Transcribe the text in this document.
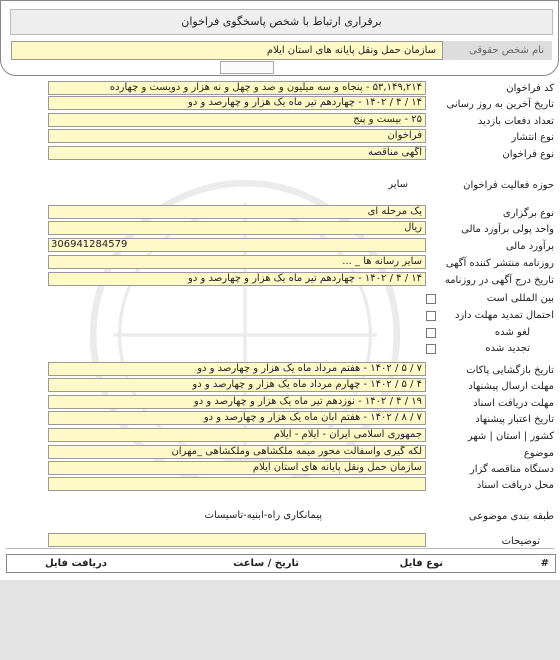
برقراری ارتباط با شخص پاسخگوی فراخوان
نام شخص حقوقی
سازمان حمل ونقل پایانه های استان ایلام
کد فراخوان
۵۳,۱۴۹,۲۱۴ - پنجاه و سه میلیون و صد و چهل و نه هزار و دویست و چهارده
تاریخ آخرین به روز رسانی
۱۴ / ۴ / ۱۴۰۲ - چهاردهم تیر ماه یک هزار و چهارصد و دو
تعداد دفعات بازدید
۲۵ - بیست و پنج
نوع انتشار
فراخوان
نوع فراخوان
آگهی مناقصه
حوزه فعالیت فراخوان
سایر
نوع برگزاری
یک مرحله ای
واحد پولی برآورد مالی
ریال
برآورد مالی
306941284579
روزنامه منتشر کننده آگهی
سایر رسانه ها _ ...
تاریخ درج آگهی در روزنامه
۱۴ / ۴ / ۱۴۰۲ - چهاردهم تیر ماه یک هزار و چهارصد و دو
بین المللی است
احتمال تمدید مهلت دارد
لغو شده
تجدید شده
تاریخ بازگشایی پاکات
۷ / ۵ / ۱۴۰۲ - هفتم مرداد ماه یک هزار و چهارصد و دو
مهلت ارسال پیشنهاد
۴ / ۵ / ۱۴۰۲ - چهارم مرداد ماه یک هزار و چهارصد و دو
مهلت دریافت اسناد
۱۹ / ۴ / ۱۴۰۲ - نوزدهم تیر ماه یک هزار و چهارصد و دو
تاریخ اعتبار پیشنهاد
۷ / ۸ / ۱۴۰۲ - هفتم آبان ماه یک هزار و چهارصد و دو
کشور | استان | شهر
جمهوری اسلامی ایران - ایلام - ایلام
موضوع
لکه گیری واسفالت محور میمه ملکشاهی وملکشاهی _مهران
دستگاه مناقصه گزار
سازمان حمل ونقل پایانه های استان ایلام
محل دریافت اسناد
طبقه بندی موضوعی
پیمانکاری راه-ابنیه-تاسیسات
توضیحات
#
نوع فایل
تاریخ / ساعت
دریافت فایل
